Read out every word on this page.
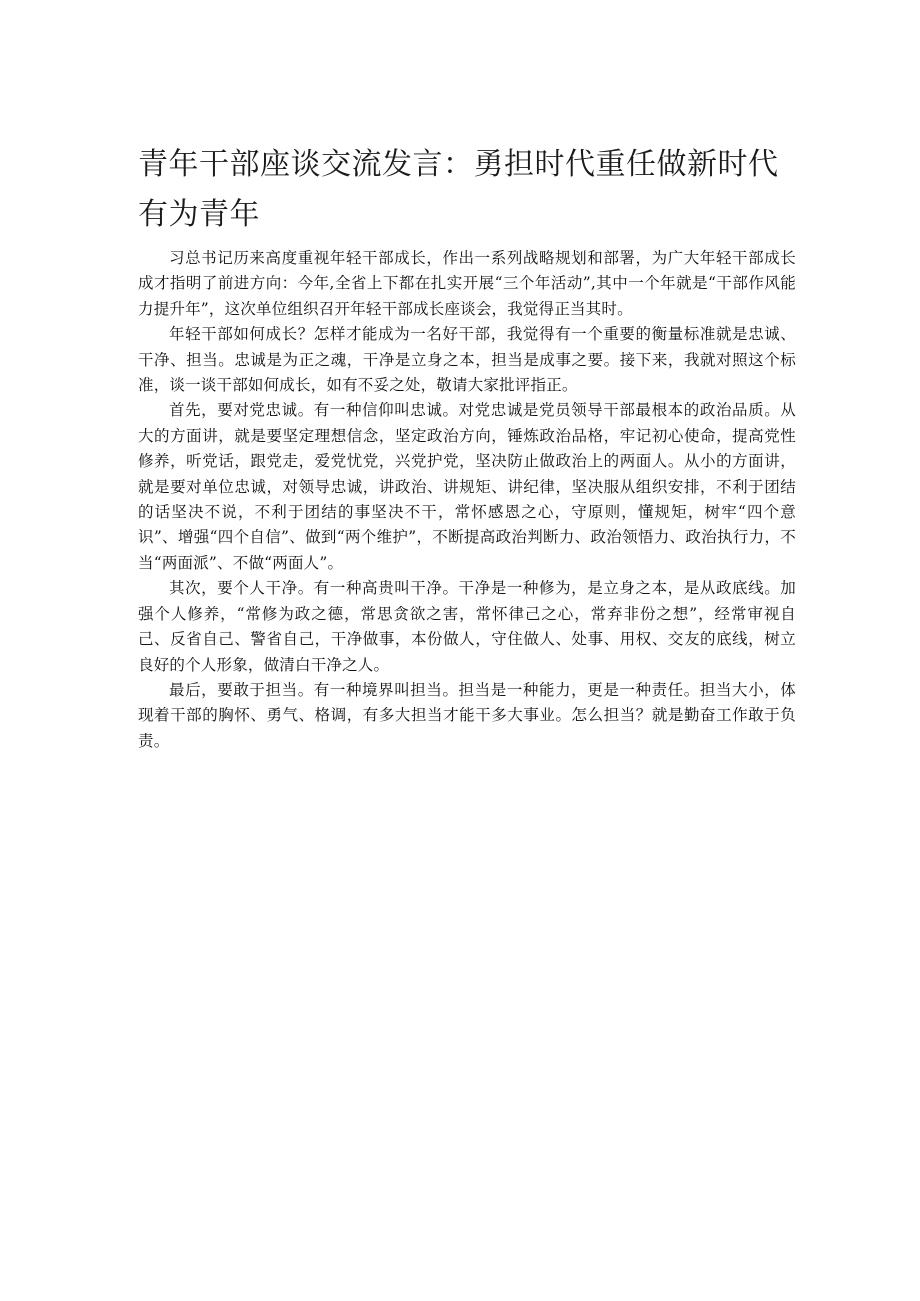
青年干部座谈交流发言：勇担时代重任做新时代有为青年

习总书记历来高度重视年轻干部成长，作出一系列战略规划和部署，为广大年轻干部成长成才指明了前进方向：今年,全省上下都在扎实开展“三个年活动”,其中一个年就是“干部作风能力提升年”，这次单位组织召开年轻干部成长座谈会，我觉得正当其时。

年轻干部如何成长？怎样才能成为一名好干部，我觉得有一个重要的衡量标准就是忠诚、干净、担当。忠诚是为正之魂，干净是立身之本，担当是成事之要。接下来，我就对照这个标准，谈一谈干部如何成长，如有不妥之处，敬请大家批评指正。

首先，要对党忠诚。有一种信仰叫忠诚。对党忠诚是党员领导干部最根本的政治品质。从大的方面讲，就是要坚定理想信念，坚定政治方向，锤炼政治品格，牢记初心使命，提高党性修养，听党话，跟党走，爱党忧党，兴党护党，坚决防止做政治上的两面人。从小的方面讲，就是要对单位忠诚，对领导忠诚，讲政治、讲规矩、讲纪律，坚决服从组织安排，不利于团结的话坚决不说，不利于团结的事坚决不干，常怀感恩之心，守原则，懂规矩，树牢“四个意识”、增强“四个自信”、做到“两个维护”，不断提高政治判断力、政治领悟力、政治执行力，不当“两面派”、不做“两面人”。

其次，要个人干净。有一种高贵叫干净。干净是一种修为，是立身之本，是从政底线。加强个人修养，“常修为政之德，常思贪欲之害，常怀律己之心，常弃非份之想”，经常审视自己、反省自己、警省自己，干净做事，本份做人，守住做人、处事、用权、交友的底线，树立良好的个人形象，做清白干净之人。

最后，要敢于担当。有一种境界叫担当。担当是一种能力，更是一种责任。担当大小，体现着干部的胸怀、勇气、格调，有多大担当才能干多大事业。怎么担当？就是勤奋工作敢于负责。
